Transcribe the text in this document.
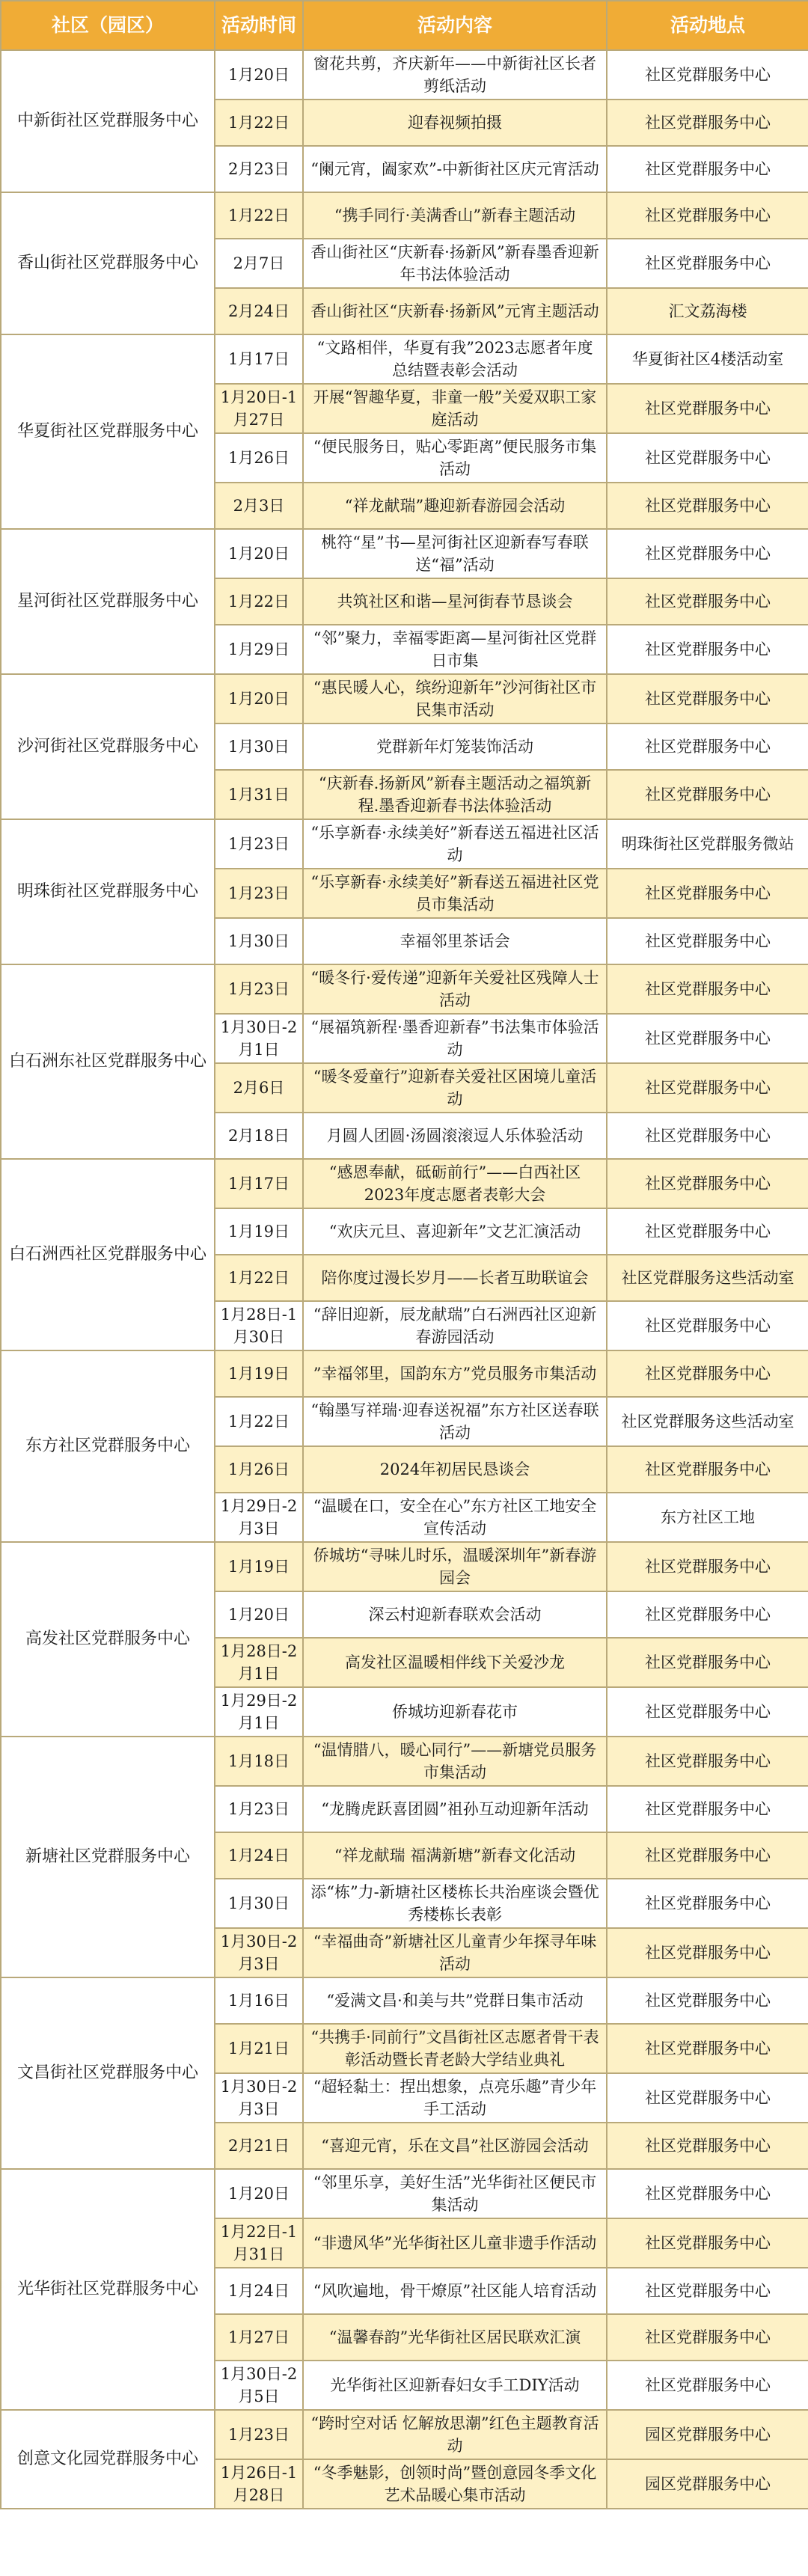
社区（园区）	活动时间	活动内容	活动地点
中新街社区党群服务中心	1月20日	窗花共剪，齐庆新年——中新街社区长者剪纸活动	社区党群服务中心
	1月22日	迎春视频拍摄	社区党群服务中心
	2月23日	“阑元宵，阖家欢”-中新街社区庆元宵活动	社区党群服务中心
香山街社区党群服务中心	1月22日	“携手同行·美满香山”新春主题活动	社区党群服务中心
	2月7日	香山街社区“庆新春·扬新风”新春墨香迎新年书法体验活动	社区党群服务中心
	2月24日	香山街社区“庆新春·扬新风”元宵主题活动	汇文荔海楼
华夏街社区党群服务中心	1月17日	“文路相伴，华夏有我”2023志愿者年度总结暨表彰会活动	华夏街社区4楼活动室
	1月20日-1月27日	开展“智趣华夏，非童一般”关爱双职工家庭活动	社区党群服务中心
	1月26日	“便民服务日，贴心零距离”便民服务市集活动	社区党群服务中心
	2月3日	“祥龙献瑞”趣迎新春游园会活动	社区党群服务中心
星河街社区党群服务中心	1月20日	桃符“星”书—星河街社区迎新春写春联送“福”活动	社区党群服务中心
	1月22日	共筑社区和谐—星河街春节恳谈会	社区党群服务中心
	1月29日	“邻”聚力，幸福零距离—星河街社区党群日市集	社区党群服务中心
沙河街社区党群服务中心	1月20日	“惠民暖人心，缤纷迎新年”沙河街社区市民集市活动	社区党群服务中心
	1月30日	党群新年灯笼装饰活动	社区党群服务中心
	1月31日	“庆新春.扬新风”新春主题活动之福筑新程.墨香迎新春书法体验活动	社区党群服务中心
明珠街社区党群服务中心	1月23日	“乐享新春·永续美好”新春送五福进社区活动	明珠街社区党群服务微站
	1月23日	“乐享新春·永续美好”新春送五福进社区党员市集活动	社区党群服务中心
	1月30日	幸福邻里茶话会	社区党群服务中心
白石洲东社区党群服务中心	1月23日	“暖冬行·爱传递”迎新年关爱社区残障人士活动	社区党群服务中心
	1月30日-2月1日	“展福筑新程·墨香迎新春”书法集市体验活动	社区党群服务中心
	2月6日	“暖冬爱童行”迎新春关爱社区困境儿童活动	社区党群服务中心
	2月18日	月圆人团圆·汤圆滚滚逗人乐体验活动	社区党群服务中心
白石洲西社区党群服务中心	1月17日	“感恩奉献，砥砺前行”——白西社区2023年度志愿者表彰大会	社区党群服务中心
	1月19日	“欢庆元旦、喜迎新年”文艺汇演活动	社区党群服务中心
	1月22日	陪你度过漫长岁月——长者互助联谊会	社区党群服务这些活动室
	1月28日-1月30日	“辞旧迎新，辰龙献瑞”白石洲西社区迎新春游园活动	社区党群服务中心
东方社区党群服务中心	1月19日	”幸福邻里，国韵东方”党员服务市集活动	社区党群服务中心
	1月22日	“翰墨写祥瑞·迎春送祝福”东方社区送春联活动	社区党群服务这些活动室
	1月26日	2024年初居民恳谈会	社区党群服务中心
	1月29日-2月3日	“温暖在口，安全在心”东方社区工地安全宣传活动	东方社区工地
高发社区党群服务中心	1月19日	侨城坊“寻味儿时乐，温暖深圳年”新春游园会	社区党群服务中心
	1月20日	深云村迎新春联欢会活动	社区党群服务中心
	1月28日-2月1日	高发社区温暖相伴线下关爱沙龙	社区党群服务中心
	1月29日-2月1日	侨城坊迎新春花市	社区党群服务中心
新塘社区党群服务中心	1月18日	“温情腊八，暖心同行”——新塘党员服务市集活动	社区党群服务中心
	1月23日	“龙腾虎跃喜团圆”祖孙互动迎新年活动	社区党群服务中心
	1月24日	“祥龙献瑞 福满新塘”新春文化活动	社区党群服务中心
	1月30日	添“栋”力-新塘社区楼栋长共治座谈会暨优秀楼栋长表彰	社区党群服务中心
	1月30日-2月3日	“幸福曲奇”新塘社区儿童青少年探寻年味活动	社区党群服务中心
文昌街社区党群服务中心	1月16日	“爱满文昌·和美与共”党群日集市活动	社区党群服务中心
	1月21日	“共携手·同前行”文昌街社区志愿者骨干表彰活动暨长青老龄大学结业典礼	社区党群服务中心
	1月30日-2月3日	“超轻黏土：捏出想象，点亮乐趣”青少年手工活动	社区党群服务中心
	2月21日	“喜迎元宵，乐在文昌”社区游园会活动	社区党群服务中心
光华街社区党群服务中心	1月20日	“邻里乐享，美好生活”光华街社区便民市集活动	社区党群服务中心
	1月22日-1月31日	“非遗风华”光华街社区儿童非遗手作活动	社区党群服务中心
	1月24日	“风吹遍地，骨干燎原”社区能人培育活动	社区党群服务中心
	1月27日	“温馨春韵”光华街社区居民联欢汇演	社区党群服务中心
	1月30日-2月5日	光华街社区迎新春妇女手工DIY活动	社区党群服务中心
创意文化园党群服务中心	1月23日	“跨时空对话 忆解放思潮”红色主题教育活动	园区党群服务中心
	1月26日-1月28日	“冬季魅影，创领时尚”暨创意园冬季文化艺术品暖心集市活动	园区党群服务中心
